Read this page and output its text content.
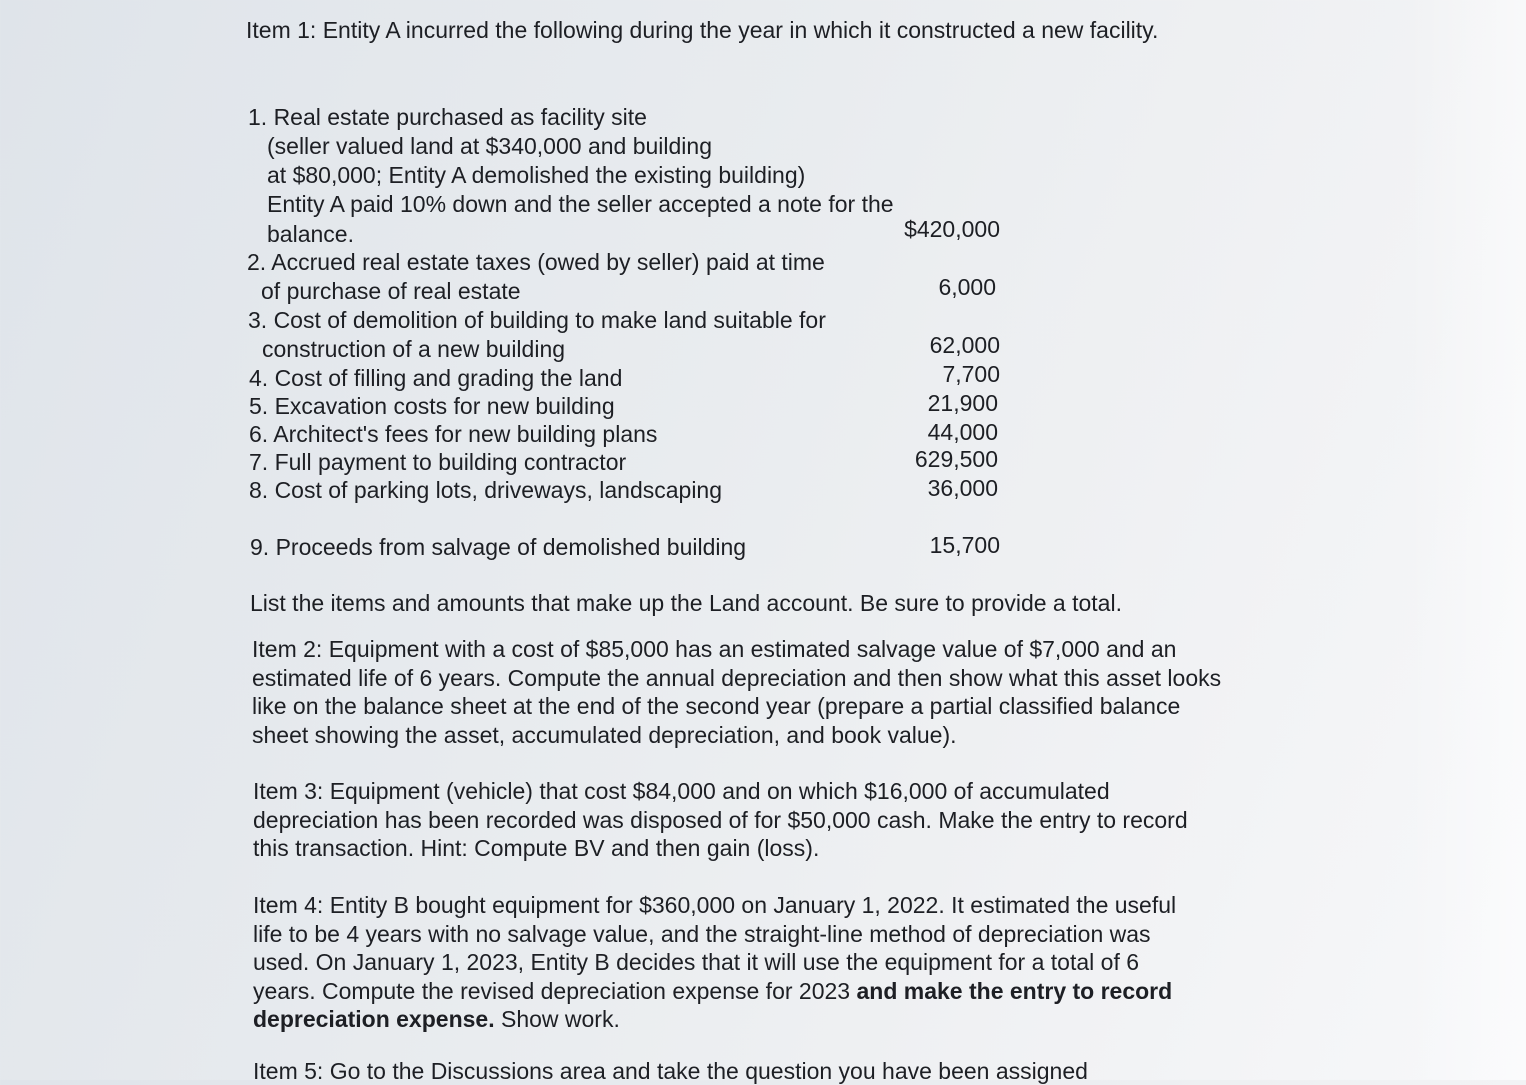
Item 1: Entity A incurred the following during the year in which it constructed a new facility.
1. Real estate purchased as facility site
(seller valued land at $340,000 and building
at $80,000; Entity A demolished the existing building)
Entity A paid 10% down and the seller accepted a note for the
balance.	$420,000
2. Accrued real estate taxes (owed by seller) paid at time
of purchase of real estate	6,000
3. Cost of demolition of building to make land suitable for
construction of a new building	62,000
4. Cost of filling and grading the land	7,700
5. Excavation costs for new building	21,900
6. Architect's fees for new building plans	44,000
7. Full payment to building contractor	629,500
8. Cost of parking lots, driveways, landscaping	36,000
9. Proceeds from salvage of demolished building	15,700
List the items and amounts that make up the Land account. Be sure to provide a total.
Item 2: Equipment with a cost of $85,000 has an estimated salvage value of $7,000 and an estimated life of 6 years. Compute the annual depreciation and then show what this asset looks like on the balance sheet at the end of the second year (prepare a partial classified balance sheet showing the asset, accumulated depreciation, and book value).
Item 3: Equipment (vehicle) that cost $84,000 and on which $16,000 of accumulated depreciation has been recorded was disposed of for $50,000 cash. Make the entry to record this transaction. Hint: Compute BV and then gain (loss).
Item 4: Entity B bought equipment for $360,000 on January 1, 2022. It estimated the useful life to be 4 years with no salvage value, and the straight-line method of depreciation was used. On January 1, 2023, Entity B decides that it will use the equipment for a total of 6 years. Compute the revised depreciation expense for 2023 and make the entry to record depreciation expense. Show work.
Item 5: Go to the Discussions area and take the question you have been assigned
